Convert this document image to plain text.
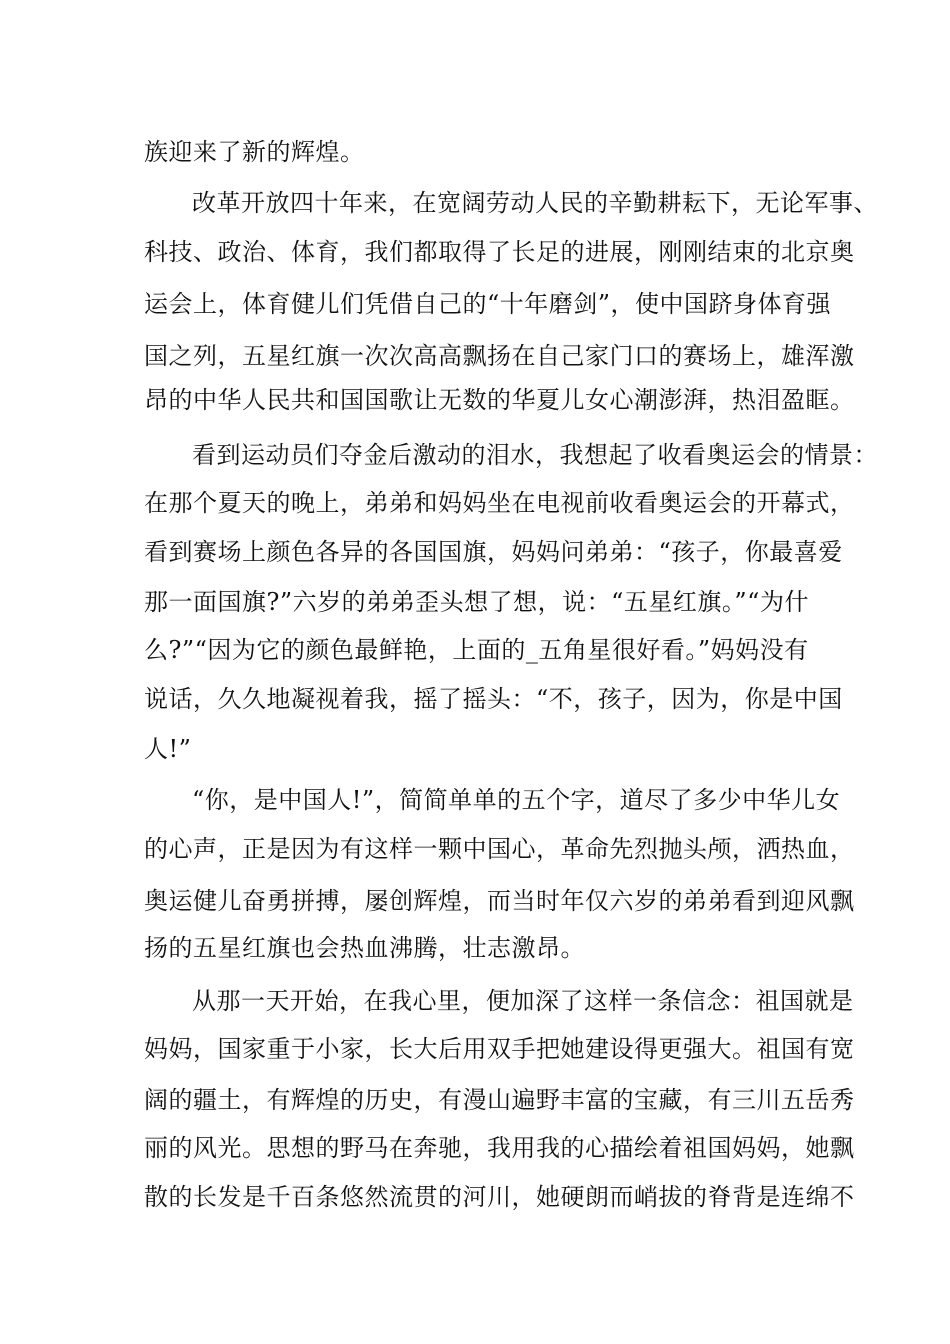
族迎来了新的辉煌。

改革开放四十年来，在宽阔劳动人民的辛勤耕耘下，无论军事、

科技、政治、体育，我们都取得了长足的进展，刚刚结束的北京奥

运会上，体育健儿们凭借自己的“十年磨剑”，使中国跻身体育强

国之列，五星红旗一次次高高飘扬在自己家门口的赛场上，雄浑激

昂的中华人民共和国国歌让无数的华夏儿女心潮澎湃，热泪盈眶。

看到运动员们夺金后激动的泪水，我想起了收看奥运会的情景：

在那个夏天的晚上，弟弟和妈妈坐在电视前收看奥运会的开幕式，

看到赛场上颜色各异的各国国旗，妈妈问弟弟：“孩子，你最喜爱

那一面国旗?”六岁的弟弟歪头想了想，说：“五星红旗。”“为什

么?”“因为它的颜色最鲜艳，上面的_五角星很好看。”妈妈没有

说话，久久地凝视着我，摇了摇头：“不，孩子，因为，你是中国

人!”

“你，是中国人!”，简简单单的五个字，道尽了多少中华儿女

的心声，正是因为有这样一颗中国心，革命先烈抛头颅，洒热血，

奥运健儿奋勇拼搏，屡创辉煌，而当时年仅六岁的弟弟看到迎风飘

扬的五星红旗也会热血沸腾，壮志激昂。

从那一天开始，在我心里，便加深了这样一条信念：祖国就是

妈妈，国家重于小家，长大后用双手把她建设得更强大。祖国有宽

阔的疆土，有辉煌的历史，有漫山遍野丰富的宝藏，有三川五岳秀

丽的风光。思想的野马在奔驰，我用我的心描绘着祖国妈妈，她飘

散的长发是千百条悠然流贯的河川，她硬朗而峭拔的脊背是连绵不
